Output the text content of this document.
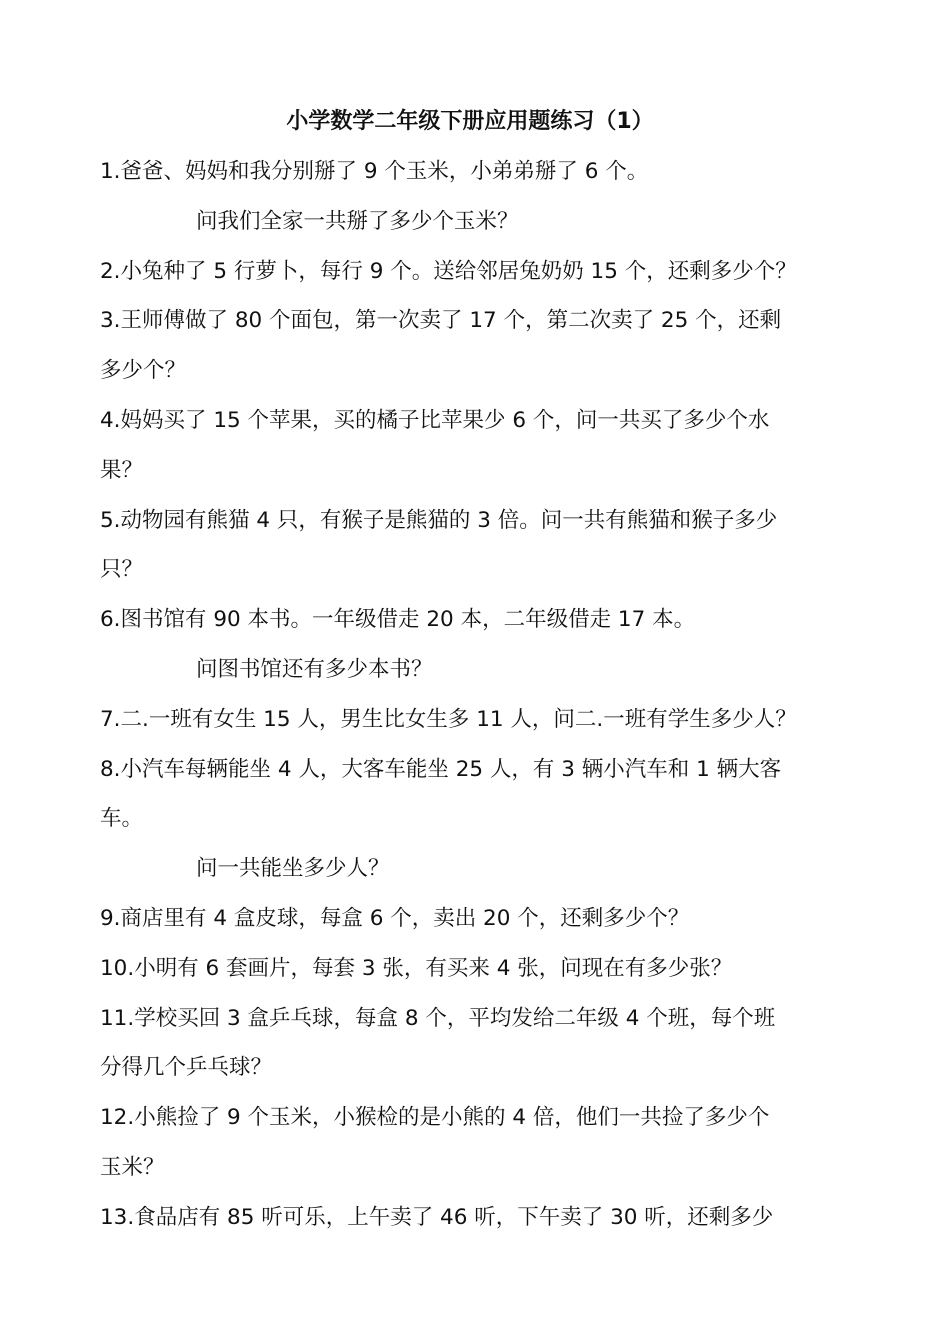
小学数学二年级下册应用题练习（1）
1.爸爸、妈妈和我分别掰了 9 个玉米，小弟弟掰了 6 个。
问我们全家一共掰了多少个玉米？
2.小兔种了 5 行萝卜，每行 9 个。送给邻居兔奶奶 15 个，还剩多少个？
3.王师傅做了 80 个面包，第一次卖了 17 个，第二次卖了 25 个，还剩
多少个？
4.妈妈买了 15 个苹果，买的橘子比苹果少 6 个，问一共买了多少个水
果？
5.动物园有熊猫 4 只，有猴子是熊猫的 3 倍。问一共有熊猫和猴子多少
只？
6.图书馆有 90 本书。一年级借走 20 本，二年级借走 17 本。
问图书馆还有多少本书？
7.二.一班有女生 15 人，男生比女生多 11 人，问二.一班有学生多少人？
8.小汽车每辆能坐 4 人，大客车能坐 25 人，有 3 辆小汽车和 1 辆大客
车。
问一共能坐多少人？
9.商店里有 4 盒皮球，每盒 6 个，卖出 20 个，还剩多少个？
10.小明有 6 套画片，每套 3 张，有买来 4 张，问现在有多少张？
11.学校买回 3 盒乒乓球，每盒 8 个，平均发给二年级 4 个班，每个班
分得几个乒乓球？
12.小熊捡了 9 个玉米，小猴检的是小熊的 4 倍，他们一共捡了多少个
玉米？
13.食品店有 85 听可乐，上午卖了 46 听，下午卖了 30 听，还剩多少
